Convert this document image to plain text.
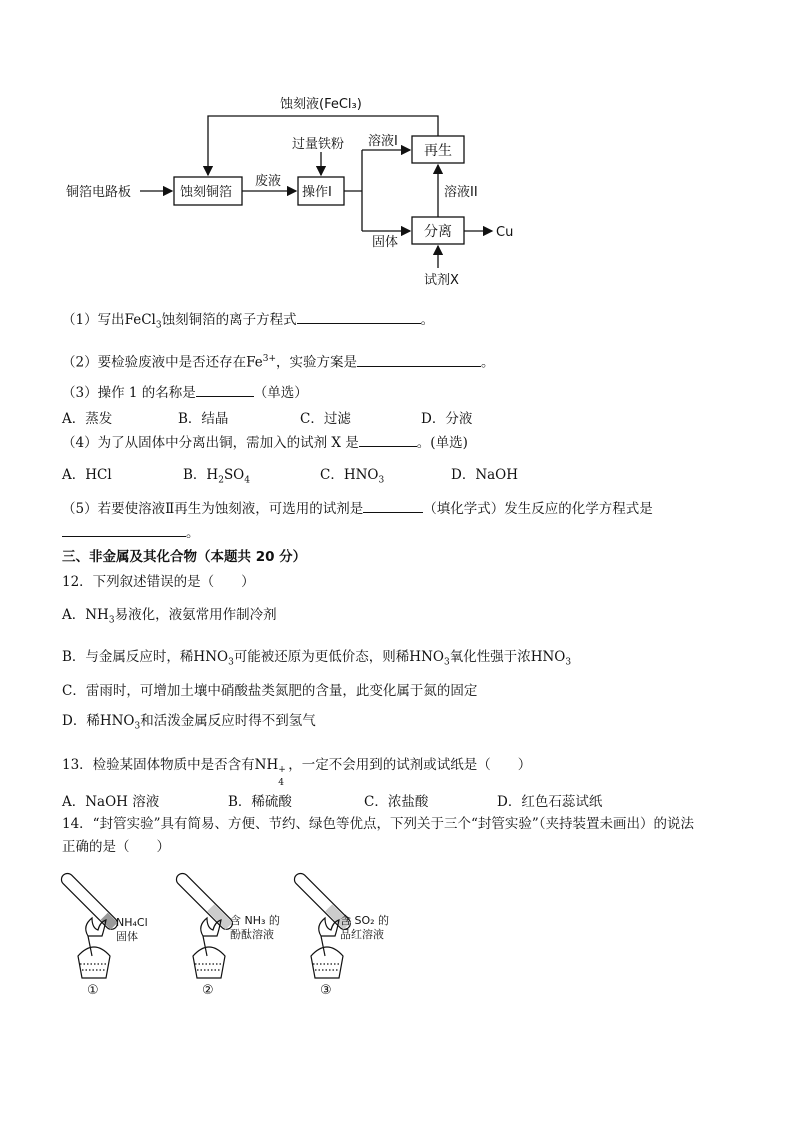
蚀刻液(FeCl₃)
过量铁粉 溶液I
再生
溶液II
铜箔电路板	蚀刻铜箔
废液
操作I
固体
分离	Cu
试剂X
（1）写出FeCl$_3$蚀刻铜箔的离子方程式	。
（2）要检验废液中是否还存在$Fe^{3+}$，实验方案是	。
（3）操作 1 的名称是	（单选）
A．蒸发	B．结晶	C．过滤	D．分液
（4）为了从固体中分离出铜，需加入的试剂 X 是	。(单选)
A．HCl	B．$H_2SO_4$	C．$HNO_3$	D．NaOH
（5）若要使溶液Ⅱ再生为蚀刻液，可选用的试剂是	（填化学式）发生反应的化学方程式是
。
三、非金属及其化合物（本题共 20 分）
12．下列叙述错误的是（　　）
A．$NH_3$易液化，液氨常用作制冷剂
B．与金属反应时，稀$HNO_3$可能被还原为更低价态，则稀$HNO_3$氧化性强于浓$HNO_3$
C．雷雨时，可增加土壤中硝酸盐类氮肥的含量，此变化属于氮的固定
D．稀$HNO_3$和活泼金属反应时得不到氢气
13．检验某固体物质中是否含有NH +
4
，一定不会用到的试剂或试纸是（　　）
A．NaOH 溶液	B．稀硫酸	C．浓盐酸	D．红色石蕊试纸
14．“封管实验”具有简易、方便、节约、绿色等优点，下列关于三个“封管实验”（夹持装置未画出）的说法
正确的是（　　）
NH₄Cl
固体
含 NH₃ 的
酚酞溶液
含 SO₂ 的
品红溶液
①	②	③
